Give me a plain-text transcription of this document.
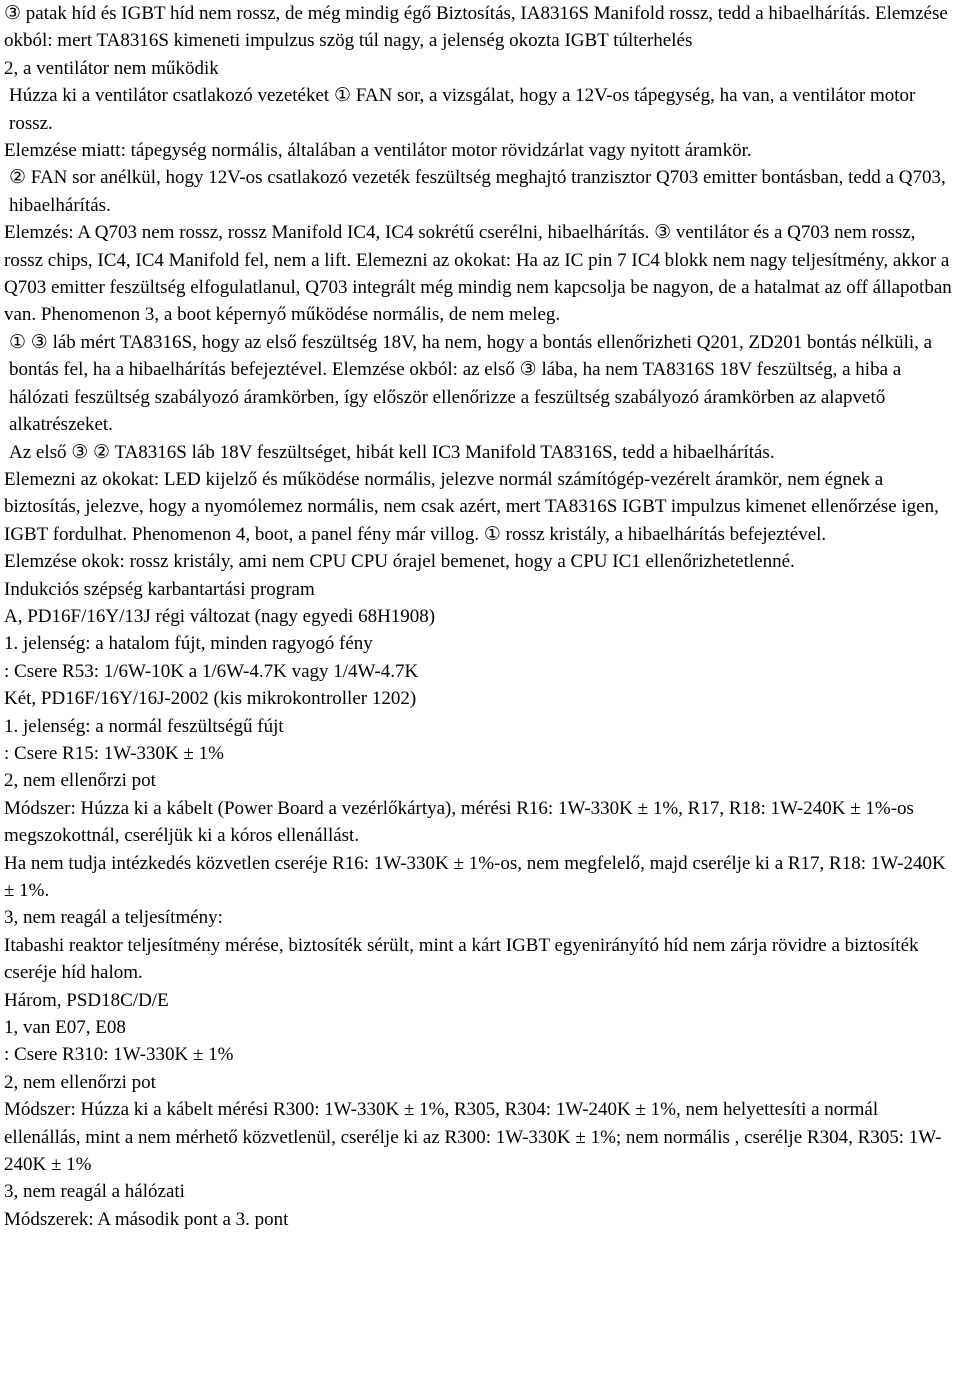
③ patak híd és IGBT híd nem rossz, de még mindig égő Biztosítás, IA8316S Manifold rossz, tedd a hibaelhárítás. Elemzése okból: mert TA8316S kimeneti impulzus szög túl nagy, a jelenség okozta IGBT túlterhelés

2, a ventilátor nem működik

Húzza ki a ventilátor csatlakozó vezetéket ① FAN sor, a vizsgálat, hogy a 12V-os tápegység, ha van, a ventilátor motor rossz.

Elemzése miatt: tápegység normális, általában a ventilátor motor rövidzárlat vagy nyitott áramkör.

② FAN sor anélkül, hogy 12V-os csatlakozó vezeték feszültség meghajtó tranzisztor Q703 emitter bontásban, tedd a Q703, hibaelhárítás.

Elemzés: A Q703 nem rossz, rossz Manifold IC4, IC4 sokrétű cserélni, hibaelhárítás. ③ ventilátor és a Q703 nem rossz, rossz chips, IC4, IC4 Manifold fel, nem a lift. Elemezni az okokat: Ha az IC pin 7 IC4 blokk nem nagy teljesítmény, akkor a Q703 emitter feszültség elfogulatlanul, Q703 integrált még mindig nem kapcsolja be nagyon, de a hatalmat az off állapotban van. Phenomenon 3, a boot képernyő működése normális, de nem meleg.

① ③ láb mért TA8316S, hogy az első feszültség 18V, ha nem, hogy a bontás ellenőrizheti Q201, ZD201 bontás nélküli, a bontás fel, ha a hibaelhárítás befejeztével. Elemzése okból: az első ③ lába, ha nem TA8316S 18V feszültség, a hiba a hálózati feszültség szabályozó áramkörben, így először ellenőrizze a feszültség szabályozó áramkörben az alapvető alkatrészeket.

Az első ③ ② TA8316S láb 18V feszültséget, hibát kell IC3 Manifold TA8316S, tedd a hibaelhárítás.

Elemezni az okokat: LED kijelző és működése normális, jelezve normál számítógép-vezérelt áramkör, nem égnek a biztosítás, jelezve, hogy a nyomólemez normális, nem csak azért, mert TA8316S IGBT impulzus kimenet ellenőrzése igen, IGBT fordulhat. Phenomenon 4, boot, a panel fény már villog. ① rossz kristály, a hibaelhárítás befejeztével.

Elemzése okok: rossz kristály, ami nem CPU CPU órajel bemenet, hogy a CPU IC1 ellenőrizhetetlenné.

Indukciós szépség karbantartási program

A, PD16F/16Y/13J régi változat (nagy egyedi 68H1908)

1. jelenség: a hatalom fújt, minden ragyogó fény

: Csere R53: 1/6W-10K a 1/6W-4.7K vagy 1/4W-4.7K

Két, PD16F/16Y/16J-2002 (kis mikrokontroller 1202)

1. jelenség: a normál feszültségű fújt

: Csere R15: 1W-330K ± 1%

2, nem ellenőrzi pot

Módszer: Húzza ki a kábelt (Power Board a vezérlőkártya), mérési R16: 1W-330K ± 1%, R17, R18: 1W-240K ± 1%-os megszokottnál, cseréljük ki a kóros ellenállást.

Ha nem tudja intézkedés közvetlen cseréje R16: 1W-330K ± 1%-os, nem megfelelő, majd cserélje ki a R17, R18: 1W-240K ± 1%.

3, nem reagál a teljesítmény:

Itabashi reaktor teljesítmény mérése, biztosíték sérült, mint a kárt IGBT egyenirányító híd nem zárja rövidre a biztosíték cseréje híd halom.

Három, PSD18C/D/E

1, van E07, E08

: Csere R310: 1W-330K ± 1%

2, nem ellenőrzi pot

Módszer: Húzza ki a kábelt mérési R300: 1W-330K ± 1%, R305, R304: 1W-240K ± 1%, nem helyettesíti a normál ellenállás, mint a nem mérhető közvetlenül, cserélje ki az R300: 1W-330K ± 1%; nem normális , cserélje R304, R305: 1W-240K ± 1%

3, nem reagál a hálózati

Módszerek: A második pont a 3. pont
